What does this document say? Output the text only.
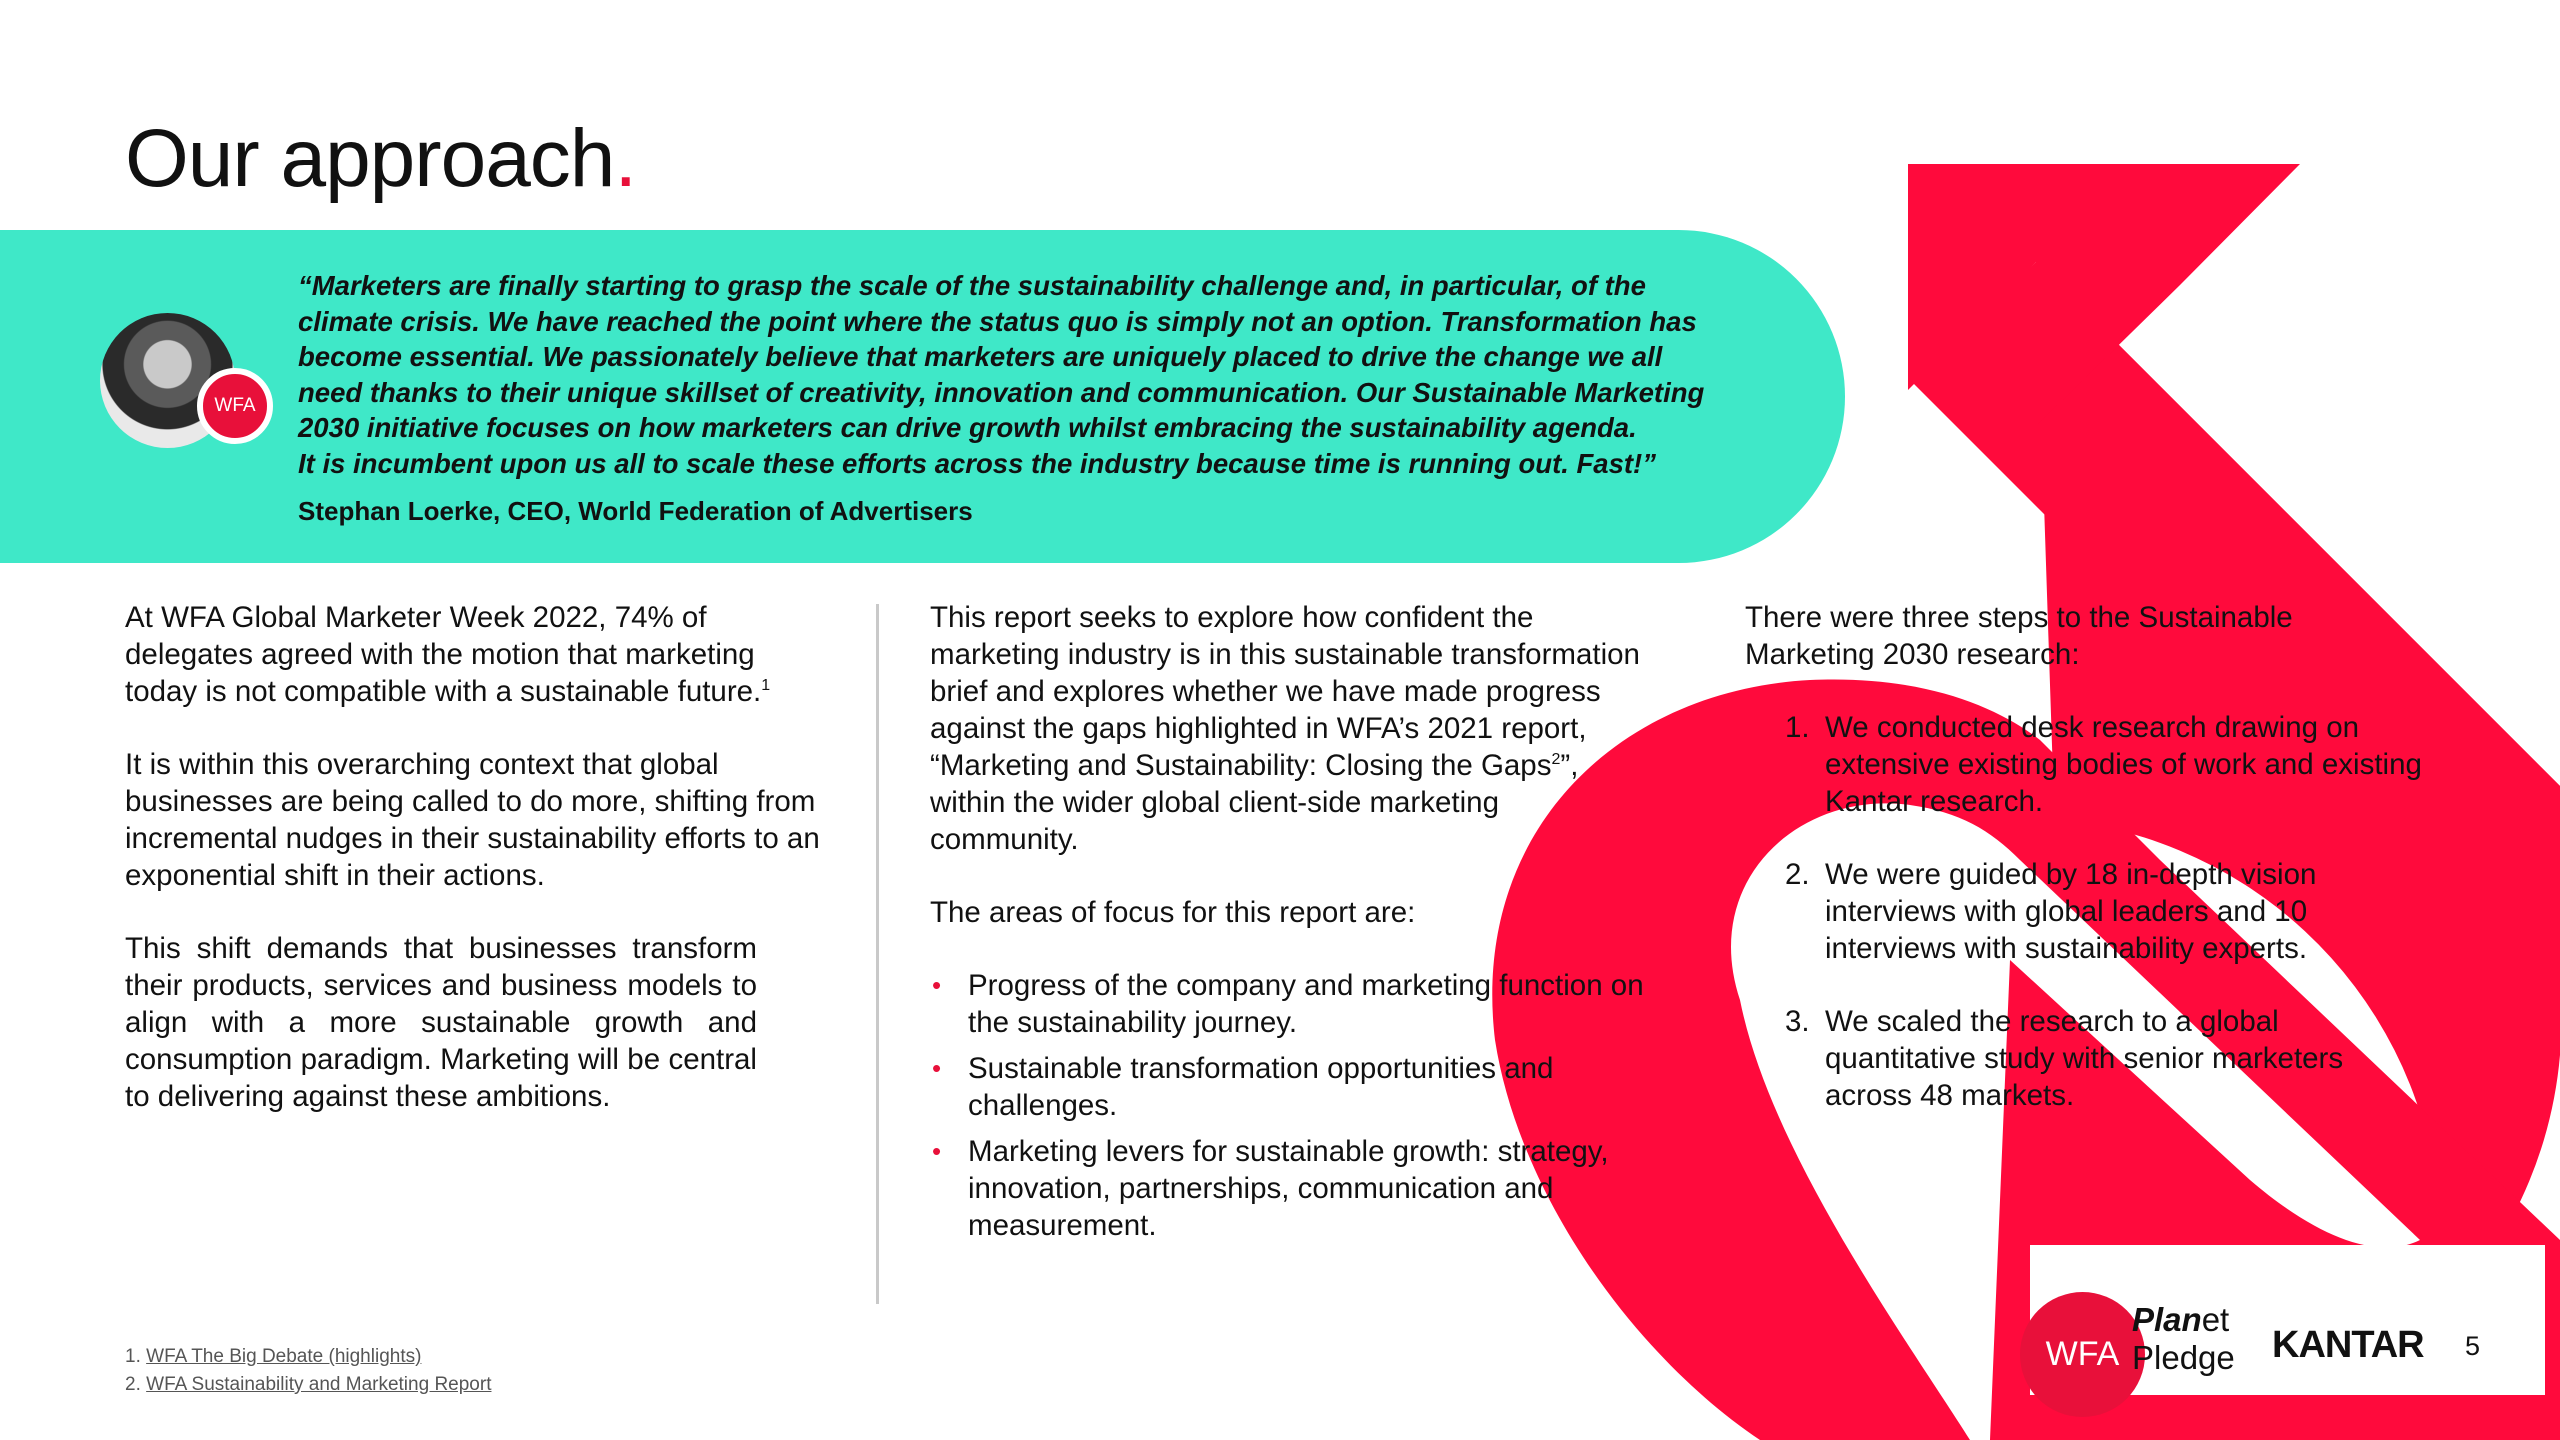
Our approach.
WFA

“Marketers are finally starting to grasp the scale of the sustainability challenge and, in particular, of the
climate crisis. We have reached the point where the status quo is simply not an option. Transformation has
become essential. We passionately believe that marketers are uniquely placed to drive the change we all
need thanks to their unique skillset of creativity, innovation and communication. Our Sustainable Marketing
2030 initiative focuses on how marketers can drive growth whilst embracing the sustainability agenda.
It is incumbent upon us all to scale these efforts across the industry because time is running out. Fast!”

Stephan Loerke, CEO, World Federation of Advertisers

At WFA Global Marketer Week 2022, 74% of delegates agreed with the motion that marketing today is not compatible with a sustainable future.$^1$

It is within this overarching context that global businesses are being called to do more, shifting from incremental nudges in their sustainability efforts to an exponential shift in their actions.

This shift demands that businesses transform their products, services and business models to align with a more sustainable growth and consumption paradigm. Marketing will be central to delivering against these ambitions.

This report seeks to explore how confident the marketing industry is in this sustainable transformation brief and explores whether we have made progress against the gaps highlighted in WFA’s 2021 report, “Marketing and Sustainability: Closing the Gaps$^2$”, within the wider global client-side marketing community.

The areas of focus for this report are:

• Progress of the company and marketing function on the sustainability journey.
• Sustainable transformation opportunities and challenges.
• Marketing levers for sustainable growth: strategy, innovation, partnerships, communication and measurement.

There were three steps to the Sustainable Marketing 2030 research:

1. We conducted desk research drawing on extensive existing bodies of work and existing Kantar research.
2. We were guided by 18 in-depth vision interviews with global leaders and 10 interviews with sustainability experts.
3. We scaled the research to a global quantitative study with senior marketers across 48 markets.
1. WFA The Big Debate (highlights)
2. WFA Sustainability and Marketing Report
WFA
Planet
Pledge KANTAR 5
